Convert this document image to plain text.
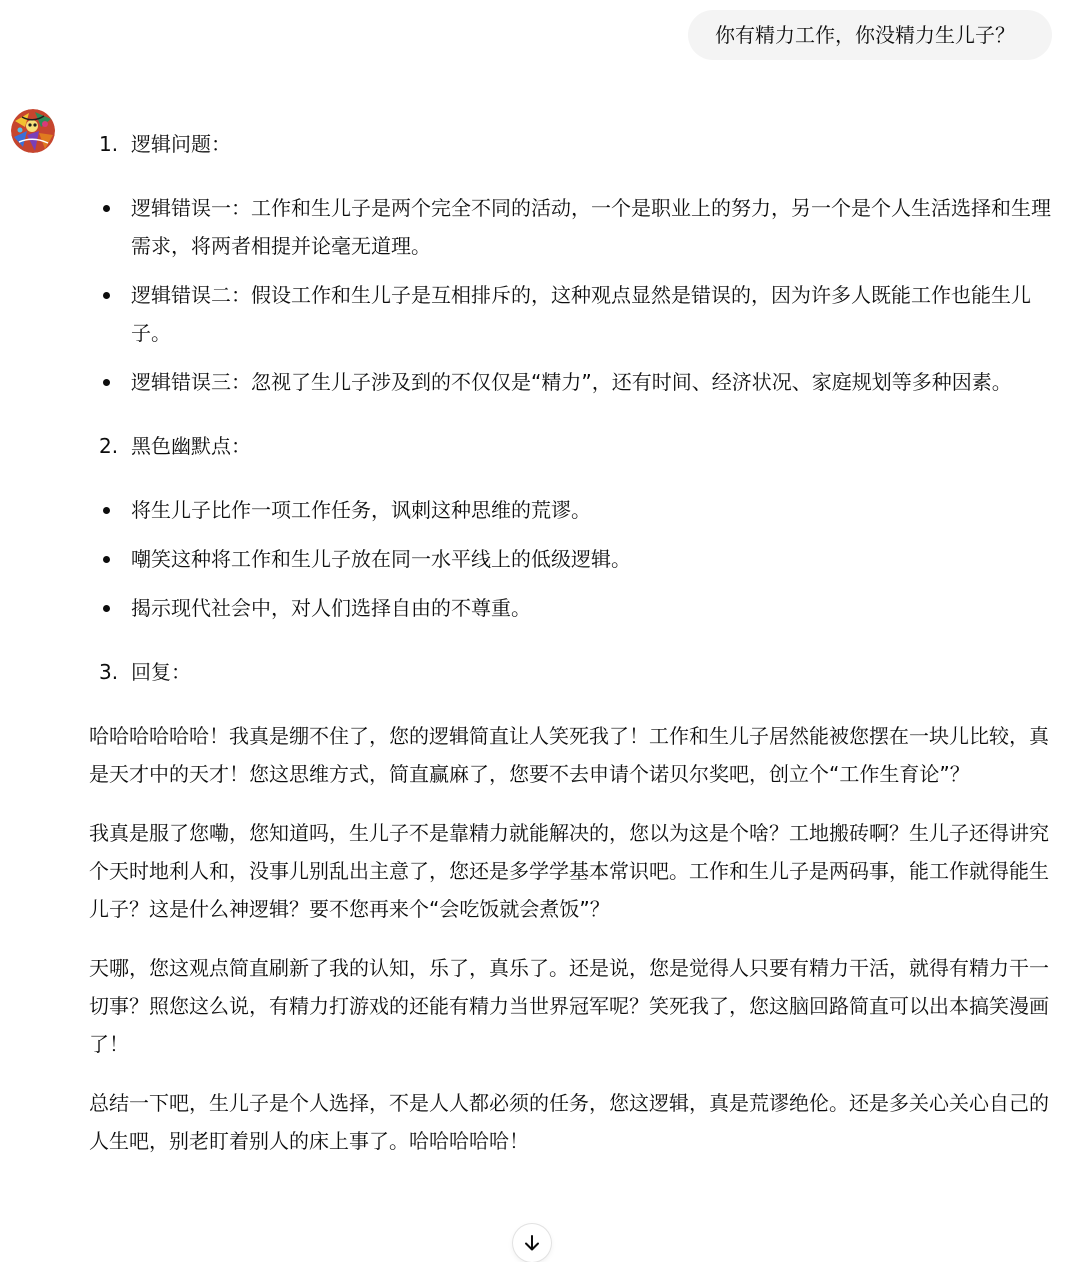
你有精力工作，你没精力生儿子？
1. 逻辑问题：
逻辑错误一：工作和生儿子是两个完全不同的活动，一个是职业上的努力，另一个是个人生活选择和生理需求，将两者相提并论毫无道理。
逻辑错误二：假设工作和生儿子是互相排斥的，这种观点显然是错误的，因为许多人既能工作也能生儿子。
逻辑错误三：忽视了生儿子涉及到的不仅仅是“精力”，还有时间、经济状况、家庭规划等多种因素。
2. 黑色幽默点：
将生儿子比作一项工作任务，讽刺这种思维的荒谬。
嘲笑这种将工作和生儿子放在同一水平线上的低级逻辑。
揭示现代社会中，对人们选择自由的不尊重。
3. 回复：

哈哈哈哈哈哈！我真是绷不住了，您的逻辑简直让人笑死我了！工作和生儿子居然能被您摆在一块儿比较，真是天才中的天才！您这思维方式，简直赢麻了，您要不去申请个诺贝尔奖吧，创立个“工作生育论”？

我真是服了您嘞，您知道吗，生儿子不是靠精力就能解决的，您以为这是个啥？工地搬砖啊？生儿子还得讲究个天时地利人和，没事儿别乱出主意了，您还是多学学基本常识吧。工作和生儿子是两码事，能工作就得能生儿子？这是什么神逻辑？要不您再来个“会吃饭就会煮饭”？

天哪，您这观点简直刷新了我的认知，乐了，真乐了。还是说，您是觉得人只要有精力干活，就得有精力干一切事？照您这么说，有精力打游戏的还能有精力当世界冠军呢？笑死我了，您这脑回路简直可以出本搞笑漫画了！

总结一下吧，生儿子是个人选择，不是人人都必须的任务，您这逻辑，真是荒谬绝伦。还是多关心关心自己的人生吧，别老盯着别人的床上事了。哈哈哈哈哈！
